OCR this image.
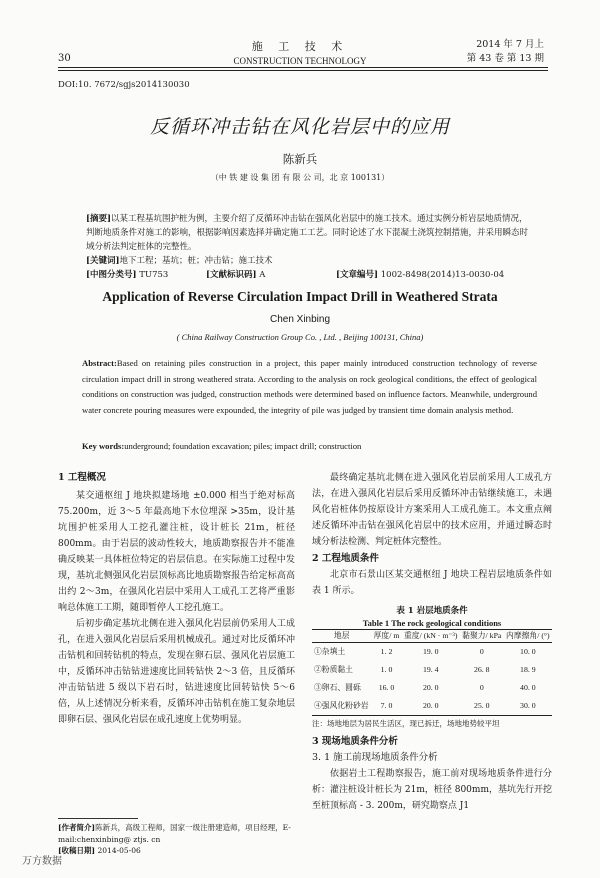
30
施 工 技 术
CONSTRUCTION TECHNOLOGY
2014 年 7 月上
第 43 卷 第 13 期
DOI:10. 7672/sgjs2014130030
反循环冲击钻在风化岩层中的应用
陈新兵
（中 铁 建 设 集 团 有 限 公 司，北 京 100131）

[摘要]以某工程基坑围护桩为例，主要介绍了反循环冲击钻在强风化岩层中的施工技术。通过实例分析岩层地质情况，判断地质条件对施工的影响，根据影响因素选择并确定施工工艺。同时论述了水下混凝土浇筑控制措施，并采用瞬态时域分析法判定桩体的完整性。

[关键词]地下工程；基坑；桩；冲击钻；施工技术

[中图分类号] TU753	[文献标识码] A	[文章编号] 1002-8498(2014)13-0030-04
Application of Reverse Circulation Impact Drill in Weathered Strata
Chen Xinbing
( China Railway Construction Group Co. , Ltd. , Beijing 100131, China)
Abstract:Based on retaining piles construction in a project, this paper mainly introduced construction technology of reverse circulation impact drill in strong weathered strata. According to the analysis on rock geological conditions, the effect of geological conditions on construction was judged, construction methods were determined based on influence factors. Meanwhile, underground water concrete pouring measures were expounded, the integrity of pile was judged by transient time domain analysis method.
Key words:underground; foundation excavation; piles; impact drill; construction
1 工程概况

某交通枢纽 J 地块拟建场地 ±0.000 相当于绝对标高 75.200m，近 3～5 年最高地下水位埋深 >35m，设计基坑围护桩采用人工挖孔灌注桩，设计桩长 21m，桩径 800mm。由于岩层的波动性较大，地质勘察报告并不能准确反映某一具体桩位特定的岩层信息。在实际施工过程中发现，基坑北侧强风化岩层顶标高比地质勘察报告给定标高高出约 2～3m，在强风化岩层中采用人工成孔工艺将严重影响总体施工工期，随即暂停人工挖孔施工。

后初步确定基坑北侧在进入强风化岩层前仍采用人工成孔，在进入强风化岩层后采用机械成孔。通过对比反循环冲击钻机和回转钻机的特点，发现在卵石层、强风化岩层施工中，反循环冲击钻钻进速度比回转钻快 2～3 倍，且反循环冲击钻钻进 5 级以下岩石时，钻进速度比回转钻快 5～6 倍，从上述情况分析来看，反循环冲击钻机在施工复杂地层即卵石层、强风化岩层在成孔速度上优势明显。

最终确定基坑北侧在进入强风化岩层前采用人工成孔方法，在进入强风化岩层后采用反循环冲击钻继续施工，未遇风化岩桩体仍按原设计方案采用人工成孔施工。本文重点阐述反循环冲击钻在强风化岩层中的技术应用，并通过瞬态时域分析法检测、判定桩体完整性。

2 工程地质条件

北京市石景山区某交通枢纽 J 地块工程岩层地质条件如表 1 所示。

表 1 岩层地质条件
Table 1 The rock geological conditions
地层	厚度/ m	重度/ (kN · m⁻³)	黏聚力/ kPa	内摩擦角/ (°)
①杂填土	1. 2	19. 0	0	10. 0
②粉质黏土	1. 0	19. 4	26. 8	18. 9
③卵石、圆砾	16. 0	20. 0	0	40. 0
④强风化粉砂岩	7. 0	20. 0	25. 0	30. 0
注：场地地层为居民生活区，现已拆迁，场地地势较平坦
3 现场地质条件分析
3. 1 施工前现场地质条件分析

依据岩土工程勘察报告，施工前对现场地质条件进行分析：灌注桩设计桩长为 21m，桩径 800mm，基坑先行开挖至桩顶标高 - 3. 200m，研究勘察点 J1

[作者简介]陈新兵，高级工程师，国家一级注册建造师，项目经理，E-mail:chenxinbing@ ztjs. cn
[收稿日期] 2014-05-06
万方数据
